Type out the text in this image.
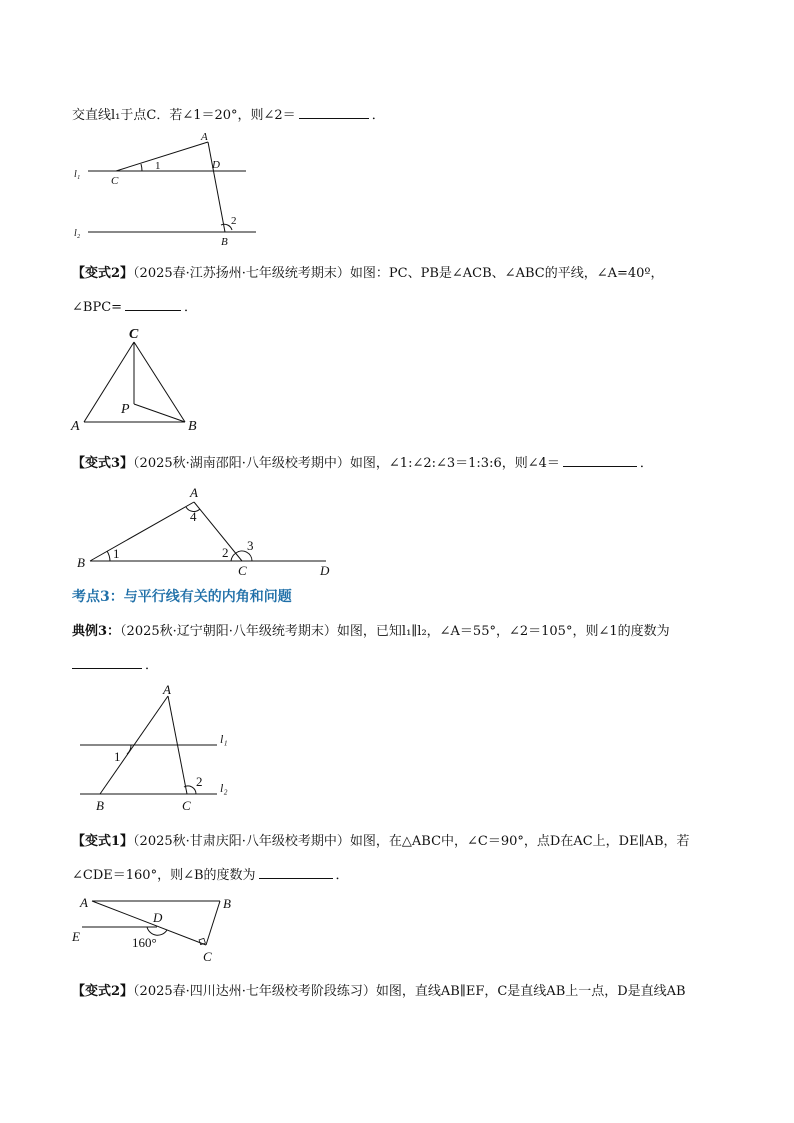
交直线l₁于点C．若∠1＝20°，则∠2＝	．
A
C
D
B
1
2
l₁
l₂
【变式2】（2025春·江苏扬州·七年级统考期末）如图：PC、PB是∠ACB、∠ABC的平线，∠A=40º，
∠BPC=	．
C
A	B
P
【变式3】（2025秋·湖南邵阳·八年级校考期中）如图，∠1:∠2:∠3＝1:3:6，则∠4＝	．
A
B
C	D
1	2 3
4
考点3：与平行线有关的内角和问题
典例3：（2025秋·辽宁朝阳·八年级统考期末）如图，已知l₁∥l₂，∠A＝55°，∠2＝105°，则∠1的度数为
．
A
B	C
1
2
l₁
l₂
【变式1】（2025秋·甘肃庆阳·八年级校考期中）如图，在△ABC中，∠C＝90°，点D在AC上，DE∥AB，若
∠CDE＝160°，则∠B的度数为	．
A	B
C
D
E	160°
【变式2】（2025春·四川达州·七年级校考阶段练习）如图，直线AB∥EF，C是直线AB上一点，D是直线AB
